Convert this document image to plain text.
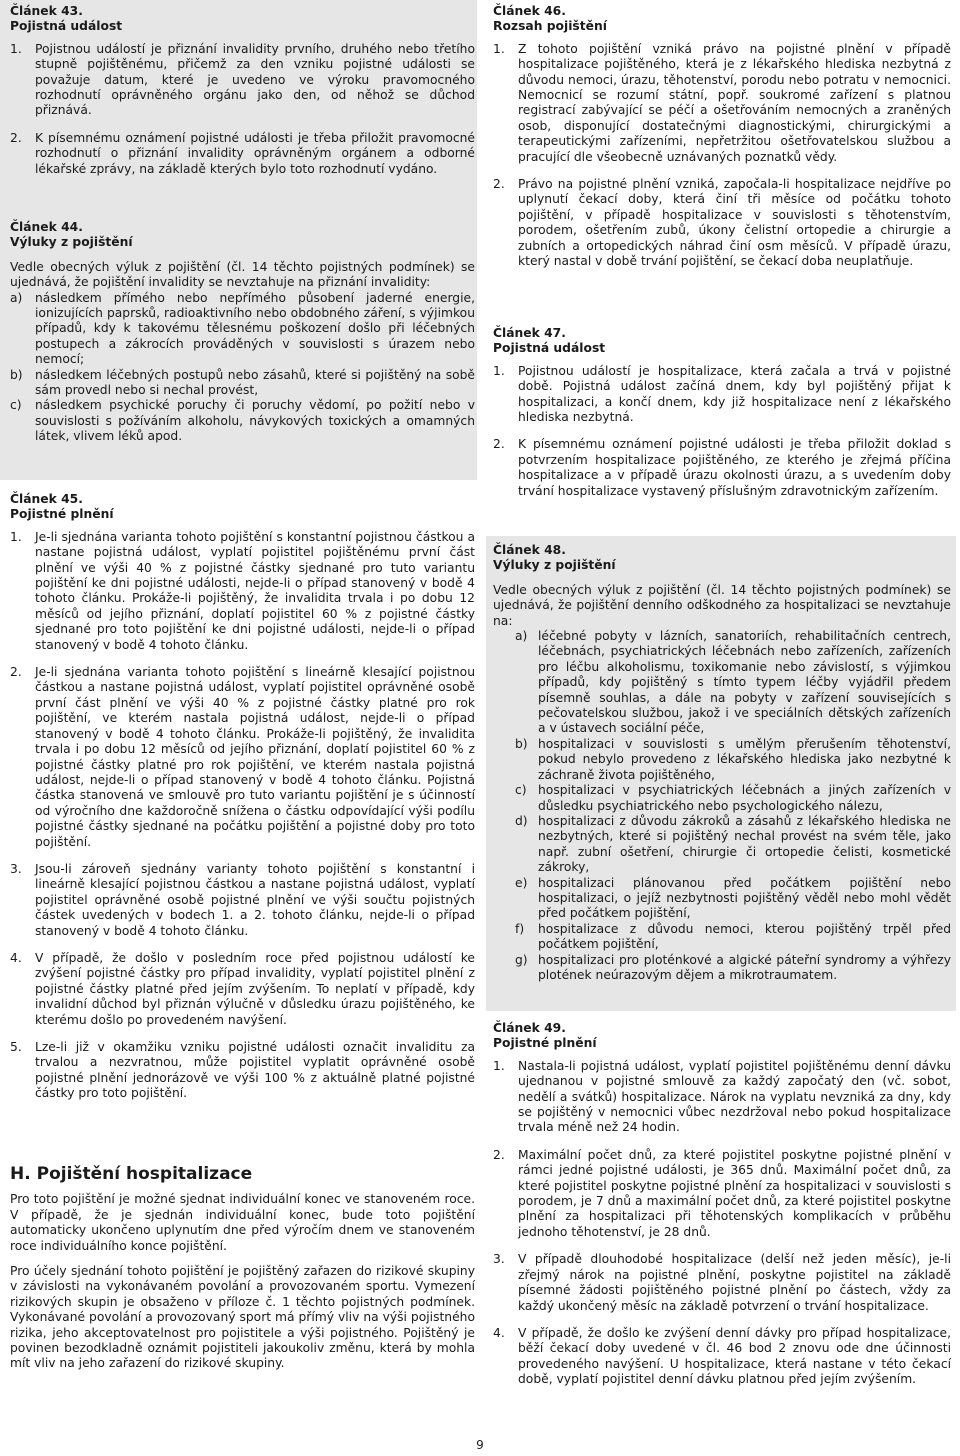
Článek 43.

Pojistná událost

1. Pojistnou událostí je přiznání invalidity prvního, druhého nebo třetího stupně pojištěnému, přičemž za den vzniku pojistné události se považuje datum, které je uvedeno ve výroku pravomocného rozhodnutí oprávněného orgánu jako den, od něhož se důchod přiznává.
2. K písemnému oznámení pojistné události je třeba přiložit pravomocné rozhodnutí o přiznání invalidity oprávněným orgánem a odborné lékařské zprávy, na základě kterých bylo toto rozhodnutí vydáno.

Článek 44.

Výluky z pojištění

Vedle obecných výluk z pojištění (čl. 14 těchto pojistných podmínek) se ujednává, že pojištění invalidity se nevztahuje na přiznání invalidity:

a) následkem přímého nebo nepřímého působení jaderné energie, ionizujících paprsků, radioaktivního nebo obdobného záření, s výjimkou případů, kdy k takovému tělesnému poškození došlo při léčebných postupech a zákrocích prováděných v souvislosti s úrazem nebo nemocí;
b) následkem léčebných postupů nebo zásahů, které si pojištěný na sobě sám provedl nebo si nechal provést,
c) následkem psychické poruchy či poruchy vědomí, po požití nebo v souvislosti s požíváním alkoholu, návykových toxických a omamných látek, vlivem léků apod.

Článek 45.

Pojistné plnění

1. Je-li sjednána varianta tohoto pojištění s konstantní pojistnou částkou a nastane pojistná událost, vyplatí pojistitel pojištěnému první část plnění ve výši 40 % z pojistné částky sjednané pro tuto variantu pojištění ke dni pojistné události, nejde-li o případ stanovený v bodě 4 tohoto článku. Prokáže-li pojištěný, že invalidita trvala i po dobu 12 měsíců od jejího přiznání, doplatí pojistitel 60 % z pojistné částky sjednané pro toto pojištění ke dni pojistné události, nejde-li o případ stanovený v bodě 4 tohoto článku.
2. Je-li sjednána varianta tohoto pojištění s lineárně klesající pojistnou částkou a nastane pojistná událost, vyplatí pojistitel oprávněné osobě první část plnění ve výši 40 % z pojistné částky platné pro rok pojištění, ve kterém nastala pojistná událost, nejde-li o případ stanovený v bodě 4 tohoto článku. Prokáže-li pojištěný, že invalidita trvala i po dobu 12 měsíců od jejího přiznání, doplatí pojistitel 60 % z pojistné částky platné pro rok pojištění, ve kterém nastala pojistná událost, nejde-li o případ stanovený v bodě 4 tohoto článku. Pojistná částka stanovená ve smlouvě pro tuto variantu pojištění je s účinností od výročního dne každoročně snížena o částku odpovídající výši podílu pojistné částky sjednané na počátku pojištění a pojistné doby pro toto pojištění.
3. Jsou-li zároveň sjednány varianty tohoto pojištění s konstantní i lineárně klesající pojistnou částkou a nastane pojistná událost, vyplatí pojistitel oprávněné osobě pojistné plnění ve výši součtu pojistných částek uvedených v bodech 1. a 2. tohoto článku, nejde-li o případ stanovený v bodě 4 tohoto článku.
4. V případě, že došlo v posledním roce před pojistnou událostí ke zvýšení pojistné částky pro případ invalidity, vyplatí pojistitel plnění z pojistné částky platné před jejím zvýšením. To neplatí v případě, kdy invalidní důchod byl přiznán výlučně v důsledku úrazu pojištěného, ke kterému došlo po provedeném navýšení.
5. Lze-li již v okamžiku vzniku pojistné události označit invaliditu za trvalou a nezvratnou, může pojistitel vyplatit oprávněné osobě pojistné plnění jednorázově ve výši 100 % z aktuálně platné pojistné částky pro toto pojištění.

H. Pojištění hospitalizace

Pro toto pojištění je možné sjednat individuální konec ve stanoveném roce. V případě, že je sjednán individuální konec, bude toto pojištění automaticky ukončeno uplynutím dne před výročím dnem ve stanoveném roce individuálního konce pojištění.

Pro účely sjednání tohoto pojištění je pojištěný zařazen do rizikové skupiny v závislosti na vykonávaném povolání a provozovaném sportu. Vymezení rizikových skupin je obsaženo v příloze č. 1 těchto pojistných podmínek. Vykonávané povolání a provozovaný sport má přímý vliv na výši pojistného rizika, jeho akceptovatelnost pro pojistitele a výši pojistného. Pojištěný je povinen bezodkladně oznámit pojistiteli jakoukoliv změnu, která by mohla mít vliv na jeho zařazení do rizikové skupiny.

Článek 46.

Rozsah pojištění

1. Z tohoto pojištění vzniká právo na pojistné plnění v případě hospitalizace pojištěného, která je z lékařského hlediska nezbytná z důvodu nemoci, úrazu, těhotenství, porodu nebo potratu v nemocnici. Nemocnicí se rozumí státní, popř. soukromé zařízení s platnou registrací zabývající se péčí a ošetřováním nemocných a zraněných osob, disponující dostatečnými diagnostickými, chirurgickými a terapeutickými zařízeními, nepřetržitou ošetřovatelskou službou a pracující dle všeobecně uznávaných poznatků vědy.
2. Právo na pojistné plnění vzniká, započala-li hospitalizace nejdříve po uplynutí čekací doby, která činí tři měsíce od počátku tohoto pojištění, v případě hospitalizace v souvislosti s těhotenstvím, porodem, ošetřením zubů, úkony čelistní ortopedie a chirurgie a zubních a ortopedických náhrad činí osm měsíců. V případě úrazu, který nastal v době trvání pojištění, se čekací doba neuplatňuje.

Článek 47.

Pojistná událost

1. Pojistnou událostí je hospitalizace, která začala a trvá v pojistné době. Pojistná událost začíná dnem, kdy byl pojištěný přijat k hospitalizaci, a končí dnem, kdy již hospitalizace není z lékařského hlediska nezbytná.
2. K písemnému oznámení pojistné události je třeba přiložit doklad s potvrzením hospitalizace pojištěného, ze kterého je zřejmá příčina hospitalizace a v případě úrazu okolnosti úrazu, a s uvedením doby trvání hospitalizace vystavený příslušným zdravotnickým zařízením.

Článek 48.

Výluky z pojištění

Vedle obecných výluk z pojištění (čl. 14 těchto pojistných podmínek) se ujednává, že pojištění denního odškodného za hospitalizaci se nevztahuje na:

a) léčebné pobyty v lázních, sanatoriích, rehabilitačních centrech, léčebnách, psychiatrických léčebnách nebo zařízeních, zařízeních pro léčbu alkoholismu, toxikomanie nebo závislostí, s výjimkou případů, kdy pojištěný s tímto typem léčby vyjádřil předem písemně souhlas, a dále na pobyty v zařízení souvisejících s pečovatelskou službou, jakož i ve speciálních dětských zařízeních a v ústavech sociální péče,
b) hospitalizaci v souvislosti s umělým přerušením těhotenství, pokud nebylo provedeno z lékařského hlediska jako nezbytné k záchraně života pojištěného,
c) hospitalizaci v psychiatrických léčebnách a jiných zařízeních v důsledku psychiatrického nebo psychologického nálezu,
d) hospitalizaci z důvodu zákroků a zásahů z lékařského hlediska ne nezbytných, které si pojištěný nechal provést na svém těle, jako např. zubní ošetření, chirurgie či ortopedie čelisti, kosmetické zákroky,
e) hospitalizaci plánovanou před počátkem pojištění nebo hospitalizaci, o jejíž nezbytnosti pojištěný věděl nebo mohl vědět před počátkem pojištění,
f) hospitalizace z důvodu nemoci, kterou pojištěný trpěl před počátkem pojištění,
g) hospitalizaci pro ploténkové a algické páteřní syndromy a výhřezy plotének neúrazovým dějem a mikrotraumatem.

Článek 49.

Pojistné plnění

1. Nastala-li pojistná událost, vyplatí pojistitel pojištěnému denní dávku ujednanou v pojistné smlouvě za každý započatý den (vč. sobot, nedělí a svátků) hospitalizace. Nárok na vyplatu nevzniká za dny, kdy se pojištěný v nemocnici vůbec nezdržoval nebo pokud hospitalizace trvala méně než 24 hodin.
2. Maximální počet dnů, za které pojistitel poskytne pojistné plnění v rámci jedné pojistné události, je 365 dnů. Maximální počet dnů, za které pojistitel poskytne pojistné plnění za hospitalizaci v souvislosti s porodem, je 7 dnů a maximální počet dnů, za které pojistitel poskytne plnění za hospitalizaci při těhotenských komplikacích v průběhu jednoho těhotenství, je 28 dnů.
3. V případě dlouhodobé hospitalizace (delší než jeden měsíc), je-li zřejmý nárok na pojistné plnění, poskytne pojistitel na základě písemné žádosti pojištěného pojistné plnění po částech, vždy za každý ukončený měsíc na základě potvrzení o trvání hospitalizace.
4. V případě, že došlo ke zvýšení denní dávky pro případ hospitalizace, běží čekací doby uvedené v čl. 46 bod 2 znovu ode dne účinnosti provedeného navýšení. U hospitalizace, která nastane v této čekací době, vyplatí pojistitel denní dávku platnou před jejím zvýšením.
9
